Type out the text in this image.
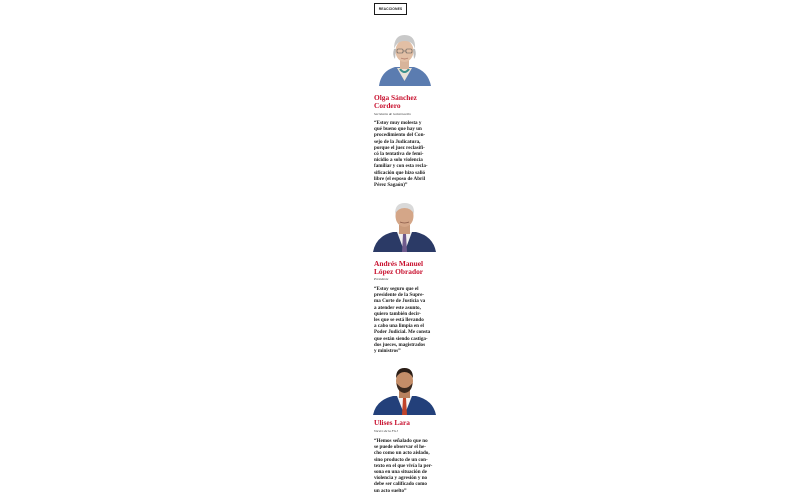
REACCIONES

Olga Sánchez
Cordero

Secretaria de Gobernación

“Estoy muy molesta y
qué bueno que hay un
procedimiento del Con-
sejo de la Judicatura,
porque el juez reclasifi-
có la tentativa de femi-
nicidio a solo violencia
familiar y con esta recla-
sificación que hizo salió
libre (el esposo de Abril
Pérez Sagaón)”

Andrés Manuel
López Obrador

Presidente

“Estoy seguro que el
presidente de la Supre-
ma Corte de Justicia va
a atender este asunto,
quiero también decir-
les que se está llevando
a cabo una limpia en el
Poder Judicial. Me consta
que están siendo castiga-
dos jueces, magistrados
y ministros”

Ulises Lara

Vocero de la FGJ

“Hemos señalado que no
se puede observar el he-
cho como un acto aislado,
sino producto de un con-
texto en el que vivía la per-
sona en una situación de
violencia y agresión y no
debe ser calificado como
un acto suelto”
